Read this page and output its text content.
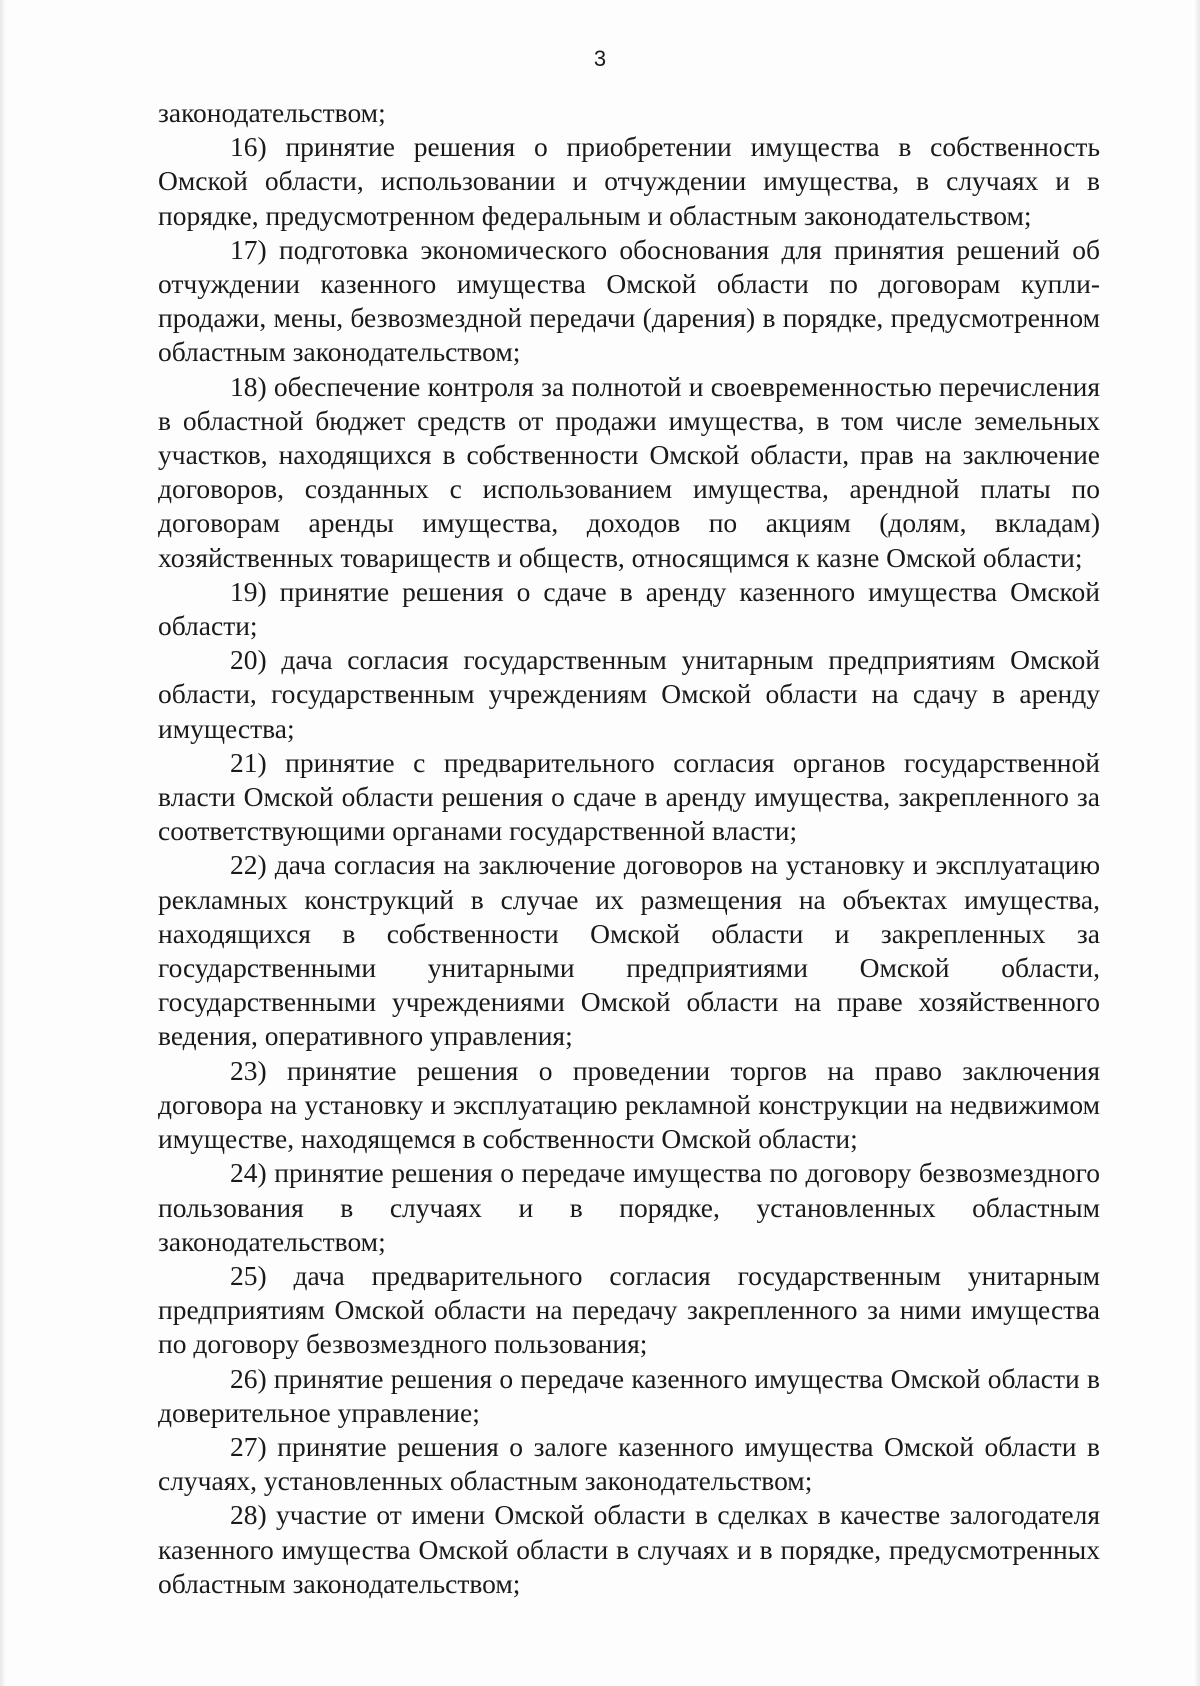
3

законодательством;

16) принятие решения о приобретении имущества в собственность Омской области, использовании и отчуждении имущества, в случаях и в порядке, предусмотренном федеральным и областным законодательством;

17) подготовка экономического обоснования для принятия решений об отчуждении казенного имущества Омской области по договорам купли-продажи, мены, безвозмездной передачи (дарения) в порядке, предусмотренном областным законодательством;

18) обеспечение контроля за полнотой и своевременностью перечисления в областной бюджет средств от продажи имущества, в том числе земельных участков, находящихся в собственности Омской области, прав на заключение договоров, созданных с использованием имущества, арендной платы по договорам аренды имущества, доходов по акциям (долям, вкладам) хозяйственных товариществ и обществ, относящимся к казне Омской области;

19) принятие решения о сдаче в аренду казенного имущества Омской области;

20) дача согласия государственным унитарным предприятиям Омской области, государственным учреждениям Омской области на сдачу в аренду имущества;

21) принятие с предварительного согласия органов государственной власти Омской области решения о сдаче в аренду имущества, закрепленного за соответствующими органами государственной власти;

22) дача согласия на заключение договоров на установку и эксплуатацию рекламных конструкций в случае их размещения на объектах имущества, находящихся в собственности Омской области и закрепленных за государственными унитарными предприятиями Омской области, государственными учреждениями Омской области на праве хозяйственного ведения, оперативного управления;

23) принятие решения о проведении торгов на право заключения договора на установку и эксплуатацию рекламной конструкции на недвижимом имуществе, находящемся в собственности Омской области;

24) принятие решения о передаче имущества по договору безвозмездного пользования в случаях и в порядке, установленных областным законодательством;

25) дача предварительного согласия государственным унитарным предприятиям Омской области на передачу закрепленного за ними имущества по договору безвозмездного пользования;

26) принятие решения о передаче казенного имущества Омской области в доверительное управление;

27) принятие решения о залоге казенного имущества Омской области в случаях, установленных областным законодательством;

28) участие от имени Омской области в сделках в качестве залогодателя казенного имущества Омской области в случаях и в порядке, предусмотренных областным законодательством;
